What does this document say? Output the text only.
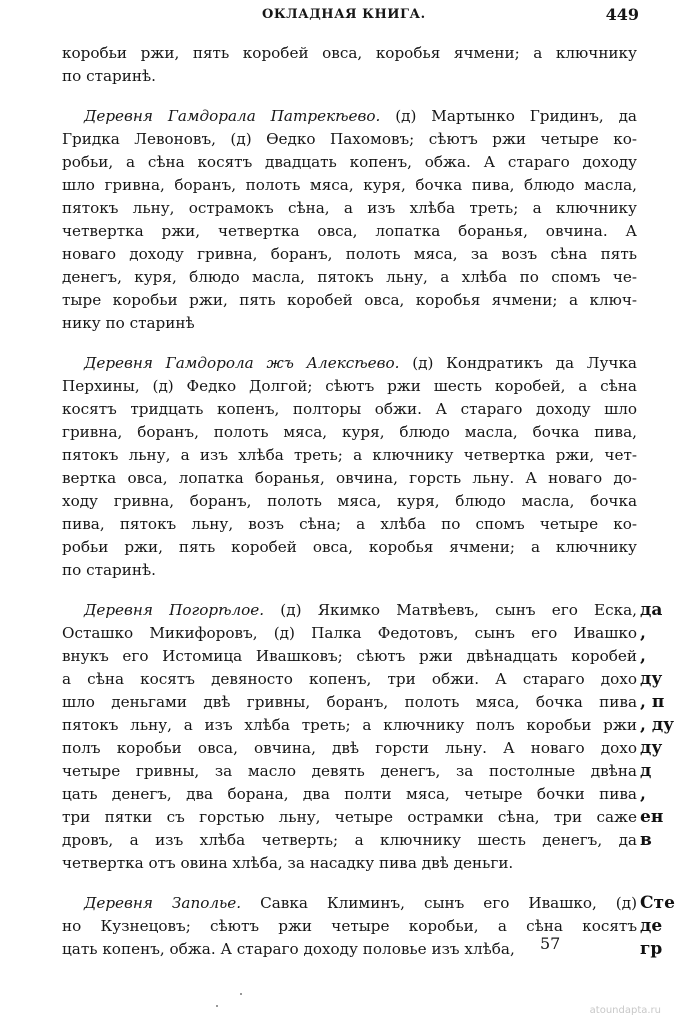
ОКЛАДНАЯ КНИГА.	449
коробьи ржи, пять коробей овса, коробья ячмени; а ключнику
по старинѣ.
Деревня Гамдорала Патрекѣево. (д) Мартынко Гридинъ, да
Гридка Левоновъ, (д) Өедко Пахомовъ; сѣютъ ржи четыре ко-
робьи, а сѣна косятъ двадцать копенъ, обжа. А стараго доходу
шло гривна, боранъ, полоть мяса, куря, бочка пива, блюдо масла,
пятокъ льну, острамокъ сѣна, а изъ хлѣба треть; а ключнику
четвертка ржи, четвертка овса, лопатка боранья, овчина. А
новаго доходу гривна, боранъ, полоть мяса, за возъ сѣна пять
денегъ, куря, блюдо масла, пятокъ льну, а хлѣба по спомъ че-
тыре коробьи ржи, пять коробей овса, коробья ячмени; а ключ-
нику по старинѣ
Деревня Гамдорола жъ Алексѣево. (д) Кондратикъ да Лучка
Перхины, (д) Федко Долгой; сѣютъ ржи шесть коробей, а сѣна
косятъ тридцать копенъ, полторы обжи. А стараго доходу шло
гривна, боранъ, полоть мяса, куря, блюдо масла, бочка пива,
пятокъ льну, а изъ хлѣба треть; а ключнику четвертка ржи, чет-
вертка овса, лопатка боранья, овчина, горсть льну. А новаго до-
ходу гривна, боранъ, полоть мяса, куря, блюдо масла, бочка
пива, пятокъ льну, возъ сѣна; а хлѣба по спомъ четыре ко-
робьи ржи, пять коробей овса, коробья ячмени; а ключнику
по старинѣ.
Деревня Погорѣлое. (д) Якимко Матвѣевъ, сынъ его Еска, да
Осташко Микифоровъ, (д) Палка Федотовъ, сынъ его Ивашко ,
внукъ его Истомица Ивашковъ; сѣютъ ржи двѣнадцать коробей ,
а сѣна косятъ девяносто копенъ, три обжи. А стараго дохо ду
шло деньгами двѣ гривны, боранъ, полоть мяса, бочка пива , п
пятокъ льну, а изъ хлѣба треть; а ключнику полъ коробьи ржи , ду
полъ коробьи овса, овчина, двѣ горсти льну. А новаго дохо ду
четыре гривны, за масло девять денегъ, за постолные двѣна д
цать денегъ, два борана, два полти мяса, четыре бочки пива ,
три пятки съ горстью льну, четыре острамки сѣна, три саже ен
дровъ, а изъ хлѣба четверть; а ключнику шесть денегъ, да в
четвертка отъ овина хлѣба, за насадку пива двѣ деньги.
Деревня Заполье. Савка Климинъ, сынъ его Ивашко, (д) Сте
но Кузнецовъ; сѣютъ ржи четыре коробьи, а сѣна косятъ де
цать копенъ, обжа. А стараго доходу половье изъ хлѣба,	гр
57
atoundapta.ru
